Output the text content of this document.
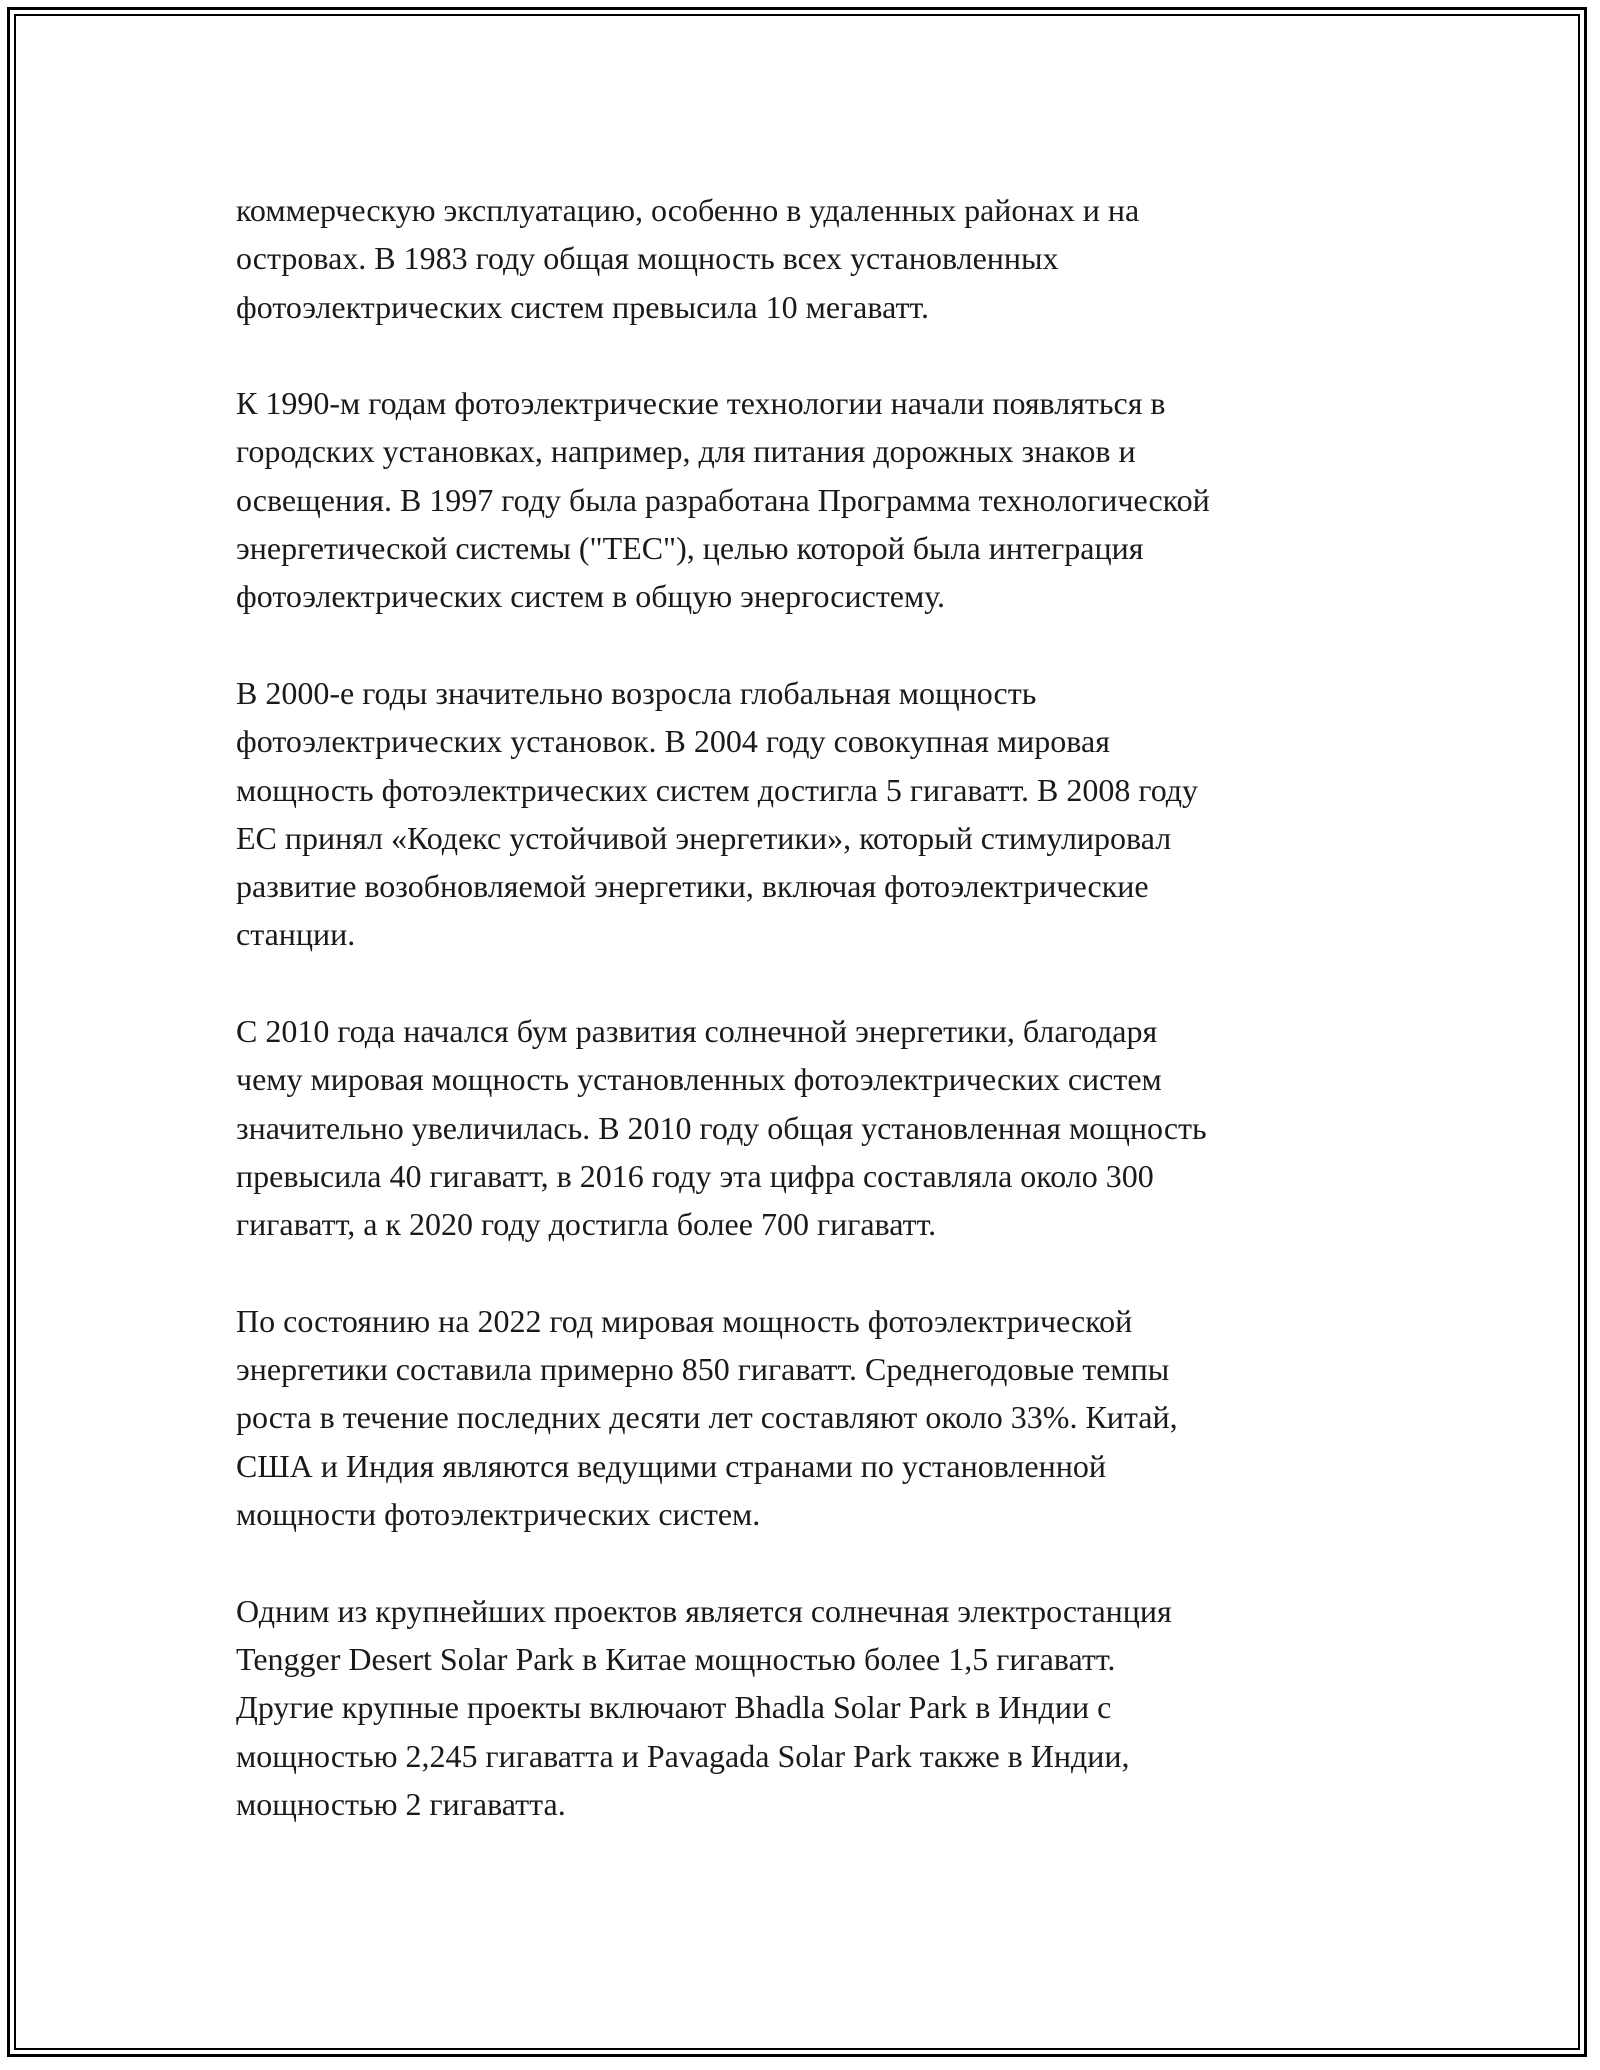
коммерческую эксплуатацию, особенно в удаленных районах и на
островах. В 1983 году общая мощность всех установленных
фотоэлектрических систем превысила 10 мегаватт.

К 1990-м годам фотоэлектрические технологии начали появляться в
городских установках, например, для питания дорожных знаков и
освещения. В 1997 году была разработана Программа технологической
энергетической системы ("TEC"), целью которой была интеграция
фотоэлектрических систем в общую энергосистему.

В 2000-е годы значительно возросла глобальная мощность
фотоэлектрических установок. В 2004 году совокупная мировая
мощность фотоэлектрических систем достигла 5 гигаватт. В 2008 году
ЕС принял «Кодекс устойчивой энергетики», который стимулировал
развитие возобновляемой энергетики, включая фотоэлектрические
станции.

С 2010 года начался бум развития солнечной энергетики, благодаря
чему мировая мощность установленных фотоэлектрических систем
значительно увеличилась. В 2010 году общая установленная мощность
превысила 40 гигаватт, в 2016 году эта цифра составляла около 300
гигаватт, а к 2020 году достигла более 700 гигаватт.

По состоянию на 2022 год мировая мощность фотоэлектрической
энергетики составила примерно 850 гигаватт. Среднегодовые темпы
роста в течение последних десяти лет составляют около 33%. Китай,
США и Индия являются ведущими странами по установленной
мощности фотоэлектрических систем.

Одним из крупнейших проектов является солнечная электростанция
Tengger Desert Solar Park в Китае мощностью более 1,5 гигаватт.
Другие крупные проекты включают Bhadla Solar Park в Индии с
мощностью 2,245 гигаватта и Pavagada Solar Park также в Индии,
мощностью 2 гигаватта.
